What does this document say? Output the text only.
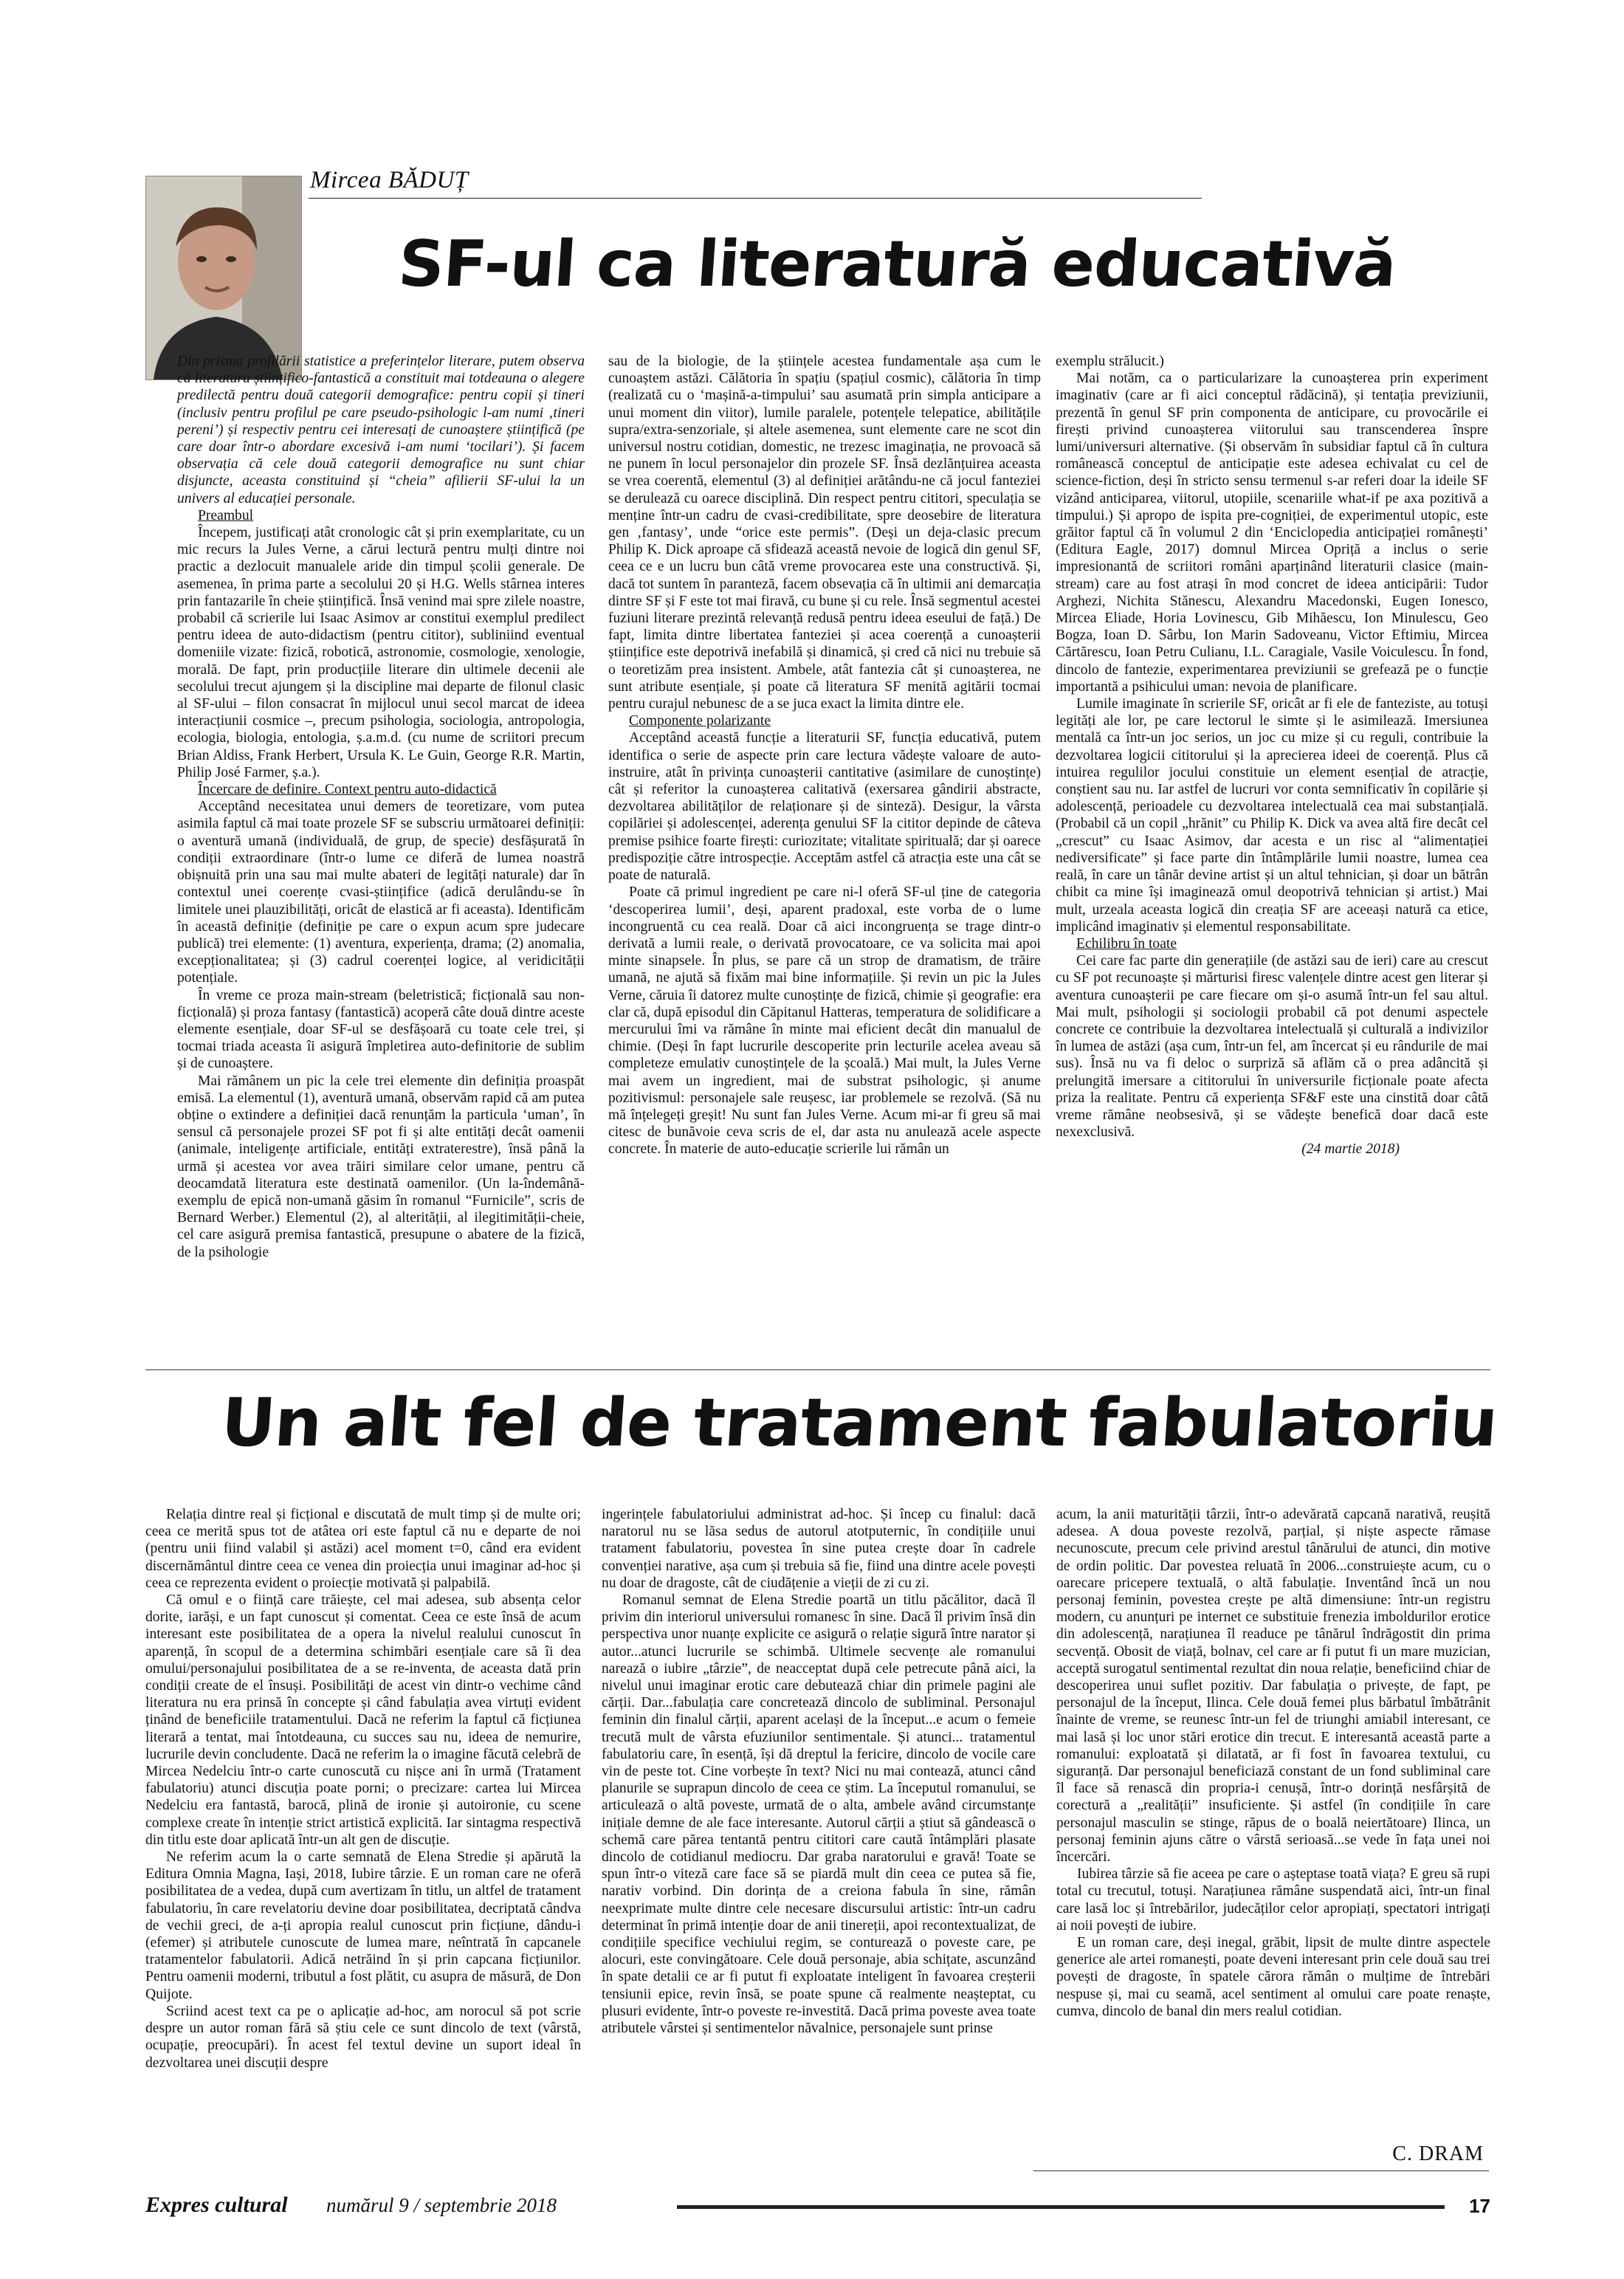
Mircea BĂDUȚ
SF-ul ca literatură educativă

Din prisma profilării statistice a preferințelor literare, putem observa că literatura științifico-fantastică a constituit mai totdeauna o alegere predilectă pentru două categorii demografice: pentru copii și tineri (inclusiv pentru profilul pe care pseudo-psihologic l-am numi ‚tineri pereni’) și respectiv pentru cei interesați de cunoaștere științifică (pe care doar într-o abordare excesivă i-am numi ‘tocilari’). Și facem observația că cele două categorii demografice nu sunt chiar disjuncte, aceasta constituind și “cheia” afilierii SF-ului la un univers al educației personale.

Preambul

Începem, justificați atât cronologic cât și prin exemplaritate, cu un mic recurs la Jules Verne, a cărui lectură pentru mulți dintre noi practic a dezlocuit manualele aride din timpul școlii generale. De asemenea, în prima parte a secolului 20 și H.G. Wells stârnea interes prin fantazarile în cheie științifică. Însă venind mai spre zilele noastre, probabil că scrierile lui Isaac Asimov ar constitui exemplul predilect pentru ideea de auto-didactism (pentru cititor), subliniind eventual domeniile vizate: fizică, robotică, astronomie, cosmologie, xenologie, morală. De fapt, prin producțiile literare din ultimele decenii ale secolului trecut ajungem și la discipline mai departe de filonul clasic al SF-ului – filon consacrat în mijlocul unui secol marcat de ideea interacțiunii cosmice –, precum psihologia, sociologia, antropologia, ecologia, biologia, entologia, ș.a.m.d. (cu nume de scriitori precum Brian Aldiss, Frank Herbert, Ursula K. Le Guin, George R.R. Martin, Philip José Farmer, ș.a.).

Încercare de definire. Context pentru auto-didactică

Acceptând necesitatea unui demers de teoretizare, vom putea asimila faptul că mai toate prozele SF se subscriu următoarei definiții: o aventură umană (individuală, de grup, de specie) desfășurată în condiții extraordinare (într-o lume ce diferă de lumea noastră obișnuită prin una sau mai multe abateri de legități naturale) dar în contextul unei coerențe cvasi-științifice (adică derulându-se în limitele unei plauzibilități, oricât de elastică ar fi aceasta). Identificăm în această definiție (definiție pe care o expun acum spre judecare publică) trei elemente: (1) aventura, experiența, drama; (2) anomalia, excepționalitatea; și (3) cadrul coerenței logice, al veridicității potențiale.

În vreme ce proza main-stream (beletristică; ficțională sau non-ficțională) și proza fantasy (fantastică) acoperă câte două dintre aceste elemente esențiale, doar SF-ul se desfășoară cu toate cele trei, și tocmai triada aceasta îi asigură împletirea auto-definitorie de sublim și de cunoaștere.

Mai rămânem un pic la cele trei elemente din definiția proaspăt emisă. La elementul (1), aventură umană, observăm rapid că am putea obține o extindere a definiției dacă renunțăm la particula ‘uman’, în sensul că personajele prozei SF pot fi și alte entități decât oamenii (animale, inteligențe artificiale, entități extraterestre), însă până la urmă și acestea vor avea trăiri similare celor umane, pentru că deocamdată literatura este destinată oamenilor. (Un la-îndemână-exemplu de epică non-umană găsim în romanul “Furnicile”, scris de Bernard Werber.) Elementul (2), al alterității, al ilegitimității-cheie, cel care asigură premisa fantastică, presupune o abatere de la fizică, de la psihologie

sau de la biologie, de la științele acestea fundamentale așa cum le cunoaștem astăzi. Călătoria în spațiu (spațiul cosmic), călătoria în timp (realizată cu o ‘mașină-a-timpului’ sau asumată prin simpla anticipare a unui moment din viitor), lumile paralele, potențele telepatice, abilitățile supra/extra-senzoriale, și altele asemenea, sunt elemente care ne scot din universul nostru cotidian, domestic, ne trezesc imaginația, ne provoacă să ne punem în locul personajelor din prozele SF. Însă dezlănțuirea aceasta se vrea coerentă, elementul (3) al definiției arătându-ne că jocul fanteziei se derulează cu oarece disciplină. Din respect pentru cititori, speculația se menține într-un cadru de cvasi-credibilitate, spre deosebire de literatura gen ‚fantasy’, unde “orice este permis”. (Deși un deja-clasic precum Philip K. Dick aproape că sfidează această nevoie de logică din genul SF, ceea ce e un lucru bun câtă vreme provocarea este una constructivă. Și, dacă tot suntem în paranteză, facem obsevația că în ultimii ani demarcația dintre SF și F este tot mai firavă, cu bune și cu rele. Însă segmentul acestei fuziuni literare prezintă relevanță redusă pentru ideea eseului de față.) De fapt, limita dintre libertatea fanteziei și acea coerență a cunoașterii științifice este depotrivă inefabilă și dinamică, și cred că nici nu trebuie să o teoretizăm prea insistent. Ambele, atât fantezia cât și cunoașterea, ne sunt atribute esențiale, și poate că literatura SF menită agitării tocmai pentru curajul nebunesc de a se juca exact la limita dintre ele.

Componente polarizante

Acceptând această funcție a literaturii SF, funcția educativă, putem identifica o serie de aspecte prin care lectura vădește valoare de auto-instruire, atât în privința cunoașterii cantitative (asimilare de cunoștințe) cât și referitor la cunoașterea calitativă (exersarea gândirii abstracte, dezvoltarea abilităților de relaționare și de sinteză). Desigur, la vârsta copilăriei și adolescenței, aderența genului SF la cititor depinde de câteva premise psihice foarte firești: curiozitate; vitalitate spirituală; dar și oarece predispoziție către introspecție. Acceptăm astfel că atracția este una cât se poate de naturală.

Poate că primul ingredient pe care ni-l oferă SF-ul ține de categoria ‘descoperirea lumii’, deși, aparent pradoxal, este vorba de o lume incongruentă cu cea reală. Doar că aici incongruența se trage dintr-o derivată a lumii reale, o derivată provocatoare, ce va solicita mai apoi minte sinapsele. În plus, se pare că un strop de dramatism, de trăire umană, ne ajută să fixăm mai bine informațiile. Și revin un pic la Jules Verne, căruia îi datorez multe cunoștințe de fizică, chimie și geografie: era clar că, după episodul din Căpitanul Hatteras, temperatura de solidificare a mercurului îmi va rămâne în minte mai eficient decât din manualul de chimie. (Deși în fapt lucrurile descoperite prin lecturile acelea aveau să completeze emulativ cunoștințele de la școală.) Mai mult, la Jules Verne mai avem un ingredient, mai de substrat psihologic, și anume pozitivismul: personajele sale reușesc, iar problemele se rezolvă. (Să nu mă înțelegeți greșit! Nu sunt fan Jules Verne. Acum mi-ar fi greu să mai citesc de bunăvoie ceva scris de el, dar asta nu anulează acele aspecte concrete. În materie de auto-educație scrierile lui rămân un

exemplu strălucit.)

Mai notăm, ca o particularizare la cunoașterea prin experiment imaginativ (care ar fi aici conceptul rădăcină), și tentația previziunii, prezentă în genul SF prin componenta de anticipare, cu provocările ei firești privind cunoașterea viitorului sau transcenderea înspre lumi/universuri alternative. (Și observăm în subsidiar faptul că în cultura românească conceptul de anticipație este adesea echivalat cu cel de science-fiction, deși în stricto sensu termenul s-ar referi doar la ideile SF vizând anticiparea, viitorul, utopiile, scenariile what-if pe axa pozitivă a timpului.) Și apropo de ispita pre-cogniției, de experimentul utopic, este grăitor faptul că în volumul 2 din ‘Enciclopedia anticipației românești’ (Editura Eagle, 2017) domnul Mircea Opriță a inclus o serie impresionantă de scriitori români aparținând literaturii clasice (main-stream) care au fost atrași în mod concret de ideea anticipării: Tudor Arghezi, Nichita Stănescu, Alexandru Macedonski, Eugen Ionesco, Mircea Eliade, Horia Lovinescu, Gib Mihăescu, Ion Minulescu, Geo Bogza, Ioan D. Sârbu, Ion Marin Sadoveanu, Victor Eftimiu, Mircea Cărtărescu, Ioan Petru Culianu, I.L. Caragiale, Vasile Voiculescu. În fond, dincolo de fantezie, experimentarea previziunii se grefează pe o funcție importantă a psihicului uman: nevoia de planificare.

Lumile imaginate în scrierile SF, oricât ar fi ele de fanteziste, au totuși legități ale lor, pe care lectorul le simte și le asimilează. Imersiunea mentală ca într-un joc serios, un joc cu mize și cu reguli, contribuie la dezvoltarea logicii cititorului și la aprecierea ideei de coerență. Plus că intuirea regulilor jocului constituie un element esențial de atracție, conștient sau nu. Iar astfel de lucruri vor conta semnificativ în copilărie și adolescență, perioadele cu dezvoltarea intelectuală cea mai substanțială. (Probabil că un copil „hrănit” cu Philip K. Dick va avea altă fire decât cel „crescut” cu Isaac Asimov, dar acesta e un risc al “alimentației nediversificate” și face parte din întâmplările lumii noastre, lumea cea reală, în care un tânăr devine artist și un altul tehnician, și doar un bătrân chibit ca mine își imaginează omul deopotrivă tehnician și artist.) Mai mult, urzeala aceasta logică din creația SF are aceeași natură ca etice, implicând imaginativ și elementul responsabilitate.

Echilibru în toate

Cei care fac parte din generațiile (de astăzi sau de ieri) care au crescut cu SF pot recunoaște și mărturisi firesc valențele dintre acest gen literar și aventura cunoașterii pe care fiecare om și-o asumă într-un fel sau altul. Mai mult, psihologii și sociologii probabil că pot denumi aspectele concrete ce contribuie la dezvoltarea intelectuală și culturală a indivizilor în lumea de astăzi (așa cum, într-un fel, am încercat și eu rândurile de mai sus). Însă nu va fi deloc o surpriză să aflăm că o prea adâncită și prelungită imersare a cititorului în universurile ficționale poate afecta priza la realitate. Pentru că experiența SF&F este una cinstită doar câtă vreme rămâne neobsesivă, și se vădește benefică doar dacă este nexexclusivă.

(24 martie 2018)

Un alt fel de tratament fabulatoriu

Relația dintre real și ficțional e discutată de mult timp și de multe ori; ceea ce merită spus tot de atâtea ori este faptul că nu e departe de noi (pentru unii fiind valabil și astăzi) acel moment t=0, când era evident discernământul dintre ceea ce venea din proiecția unui imaginar ad-hoc și ceea ce reprezenta evident o proiecție motivată și palpabilă.

Că omul e o ființă care trăiește, cel mai adesea, sub absența celor dorite, iarăși, e un fapt cunoscut și comentat. Ceea ce este însă de acum interesant este posibilitatea de a opera la nivelul realului cunoscut în aparență, în scopul de a determina schimbări esențiale care să îi dea omului/personajului posibilitatea de a se re-inventa, de aceasta dată prin condiții create de el însuși. Posibilități de acest vin dintr-o vechime când literatura nu era prinsă în concepte și când fabulația avea virtuți evident ținând de beneficiile tratamentului. Dacă ne referim la faptul că ficțiunea literară a tentat, mai întotdeauna, cu succes sau nu, ideea de nemurire, lucrurile devin concludente. Dacă ne referim la o imagine făcută celebră de Mircea Nedelciu într-o carte cunoscută cu nișce ani în urmă (Tratament fabulatoriu) atunci discuția poate porni; o precizare: cartea lui Mircea Nedelciu era fantastă, barocă, plină de ironie și autoironie, cu scene complexe create în intenție strict artistică explicită. Iar sintagma respectivă din titlu este doar aplicată într-un alt gen de discuție.

Ne referim acum la o carte semnată de Elena Stredie și apărută la Editura Omnia Magna, Iași, 2018, Iubire târzie. E un roman care ne oferă posibilitatea de a vedea, după cum avertizam în titlu, un altfel de tratament fabulatoriu, în care revelatoriu devine doar posibilitatea, decriptată cândva de vechii greci, de a-ți apropia realul cunoscut prin ficțiune, dându-i (efemer) și atributele cunoscute de lumea mare, neîntrată în capcanele tratamentelor fabulatorii. Adică netrăind în și prin capcana ficțiunilor. Pentru oamenii moderni, tributul a fost plătit, cu asupra de măsură, de Don Quijote.

Scriind acest text ca pe o aplicație ad-hoc, am norocul să pot scrie despre un autor roman fără să știu cele ce sunt dincolo de text (vârstă, ocupație, preocupări). În acest fel textul devine un suport ideal în dezvoltarea unei discuții despre

ingerințele fabulatoriului administrat ad-hoc. Și încep cu finalul: dacă naratorul nu se lăsa sedus de autorul atotputernic, în condițiile unui tratament fabulatoriu, povestea în sine putea crește doar în cadrele convenției narative, așa cum și trebuia să fie, fiind una dintre acele povești nu doar de dragoste, cât de ciudățenie a vieții de zi cu zi.

Romanul semnat de Elena Stredie poartă un titlu păcălitor, dacă îl privim din interiorul universului romanesc în sine. Dacă îl privim însă din perspectiva unor nuanțe explicite ce asigură o relație sigură între narator și autor...atunci lucrurile se schimbă. Ultimele secvențe ale romanului narează o iubire „târzie”, de neacceptat după cele petrecute până aici, la nivelul unui imaginar erotic care debutează chiar din primele pagini ale cărții. Dar...fabulația care concretează dincolo de subliminal. Personajul feminin din finalul cărții, aparent același de la început...e acum o femeie trecută mult de vârsta efuziunilor sentimentale. Și atunci... tratamentul fabulatoriu care, în esență, își dă dreptul la fericire, dincolo de vocile care vin de peste tot. Cine vorbește în text? Nici nu mai contează, atunci când planurile se suprapun dincolo de ceea ce știm. La începutul romanului, se articulează o altă poveste, urmată de o alta, ambele având circumstanțe inițiale demne de ale face interesante. Autorul cărții a știut să gândească o schemă care părea tentantă pentru cititori care caută întâmplări plasate dincolo de cotidianul mediocru. Dar graba naratorului e gravă! Toate se spun într-o viteză care face să se piardă mult din ceea ce putea să fie, narativ vorbind. Din dorința de a creiona fabula în sine, rămân neexprimate multe dintre cele necesare discursului artistic: într-un cadru determinat în primă intenție doar de anii tinereții, apoi recontextualizat, de condițiile specifice vechiului regim, se conturează o poveste care, pe alocuri, este convingătoare. Cele două personaje, abia schițate, ascunzând în spate detalii ce ar fi putut fi exploatate inteligent în favoarea creșterii tensiunii epice, revin însă, se poate spune că realmente neașteptat, cu plusuri evidente, într-o poveste re-investită. Dacă prima poveste avea toate atributele vârstei și sentimentelor năvalnice, personajele sunt prinse

acum, la anii maturității târzii, într-o adevărată capcană narativă, reușită adesea. A doua poveste rezolvă, parțial, și niște aspecte rămase necunoscute, precum cele privind arestul tânărului de atunci, din motive de ordin politic. Dar povestea reluată în 2006...construiește acum, cu o oarecare pricepere textuală, o altă fabulație. Inventând încă un nou personaj feminin, povestea crește pe altă dimensiune: într-un registru modern, cu anunțuri pe internet ce substituie frenezia imboldurilor erotice din adolescență, narațiunea îl readuce pe tânărul îndrăgostit din prima secvență. Obosit de viață, bolnav, cel care ar fi putut fi un mare muzician, acceptă surogatul sentimental rezultat din noua relație, beneficiind chiar de descoperirea unui suflet pozitiv. Dar fabulația o privește, de fapt, pe personajul de la început, Ilinca. Cele două femei plus bărbatul îmbătrânit înainte de vreme, se reunesc într-un fel de triunghi amiabil interesant, ce mai lasă și loc unor stări erotice din trecut. E interesantă această parte a romanului: exploatată și dilatată, ar fi fost în favoarea textului, cu siguranță. Dar personajul beneficiază constant de un fond subliminal care îl face să renască din propria-i cenușă, într-o dorință nesfârșită de corectură a „realității” insuficiente. Și astfel (în condițiile în care personajul masculin se stinge, răpus de o boală neiertătoare) Ilinca, un personaj feminin ajuns către o vârstă serioasă...se vede în fața unei noi încercări.

Iubirea târzie să fie aceea pe care o așteptase toată viața? E greu să rupi total cu trecutul, totuși. Narațiunea rămâne suspendată aici, într-un final care lasă loc și întrebărilor, judecăților celor apropiați, spectatori intrigați ai noii povești de iubire.

E un roman care, deși inegal, grăbit, lipsit de multe dintre aspectele generice ale artei romanești, poate deveni interesant prin cele două sau trei povești de dragoste, în spatele cărora rămân o mulțime de întrebări nespuse și, mai cu seamă, acel sentiment al omului care poate renaște, cumva, dincolo de banal din mers realul cotidian.

C. DRAM
Expres cultural numărul 9 / septembrie 2018	17
